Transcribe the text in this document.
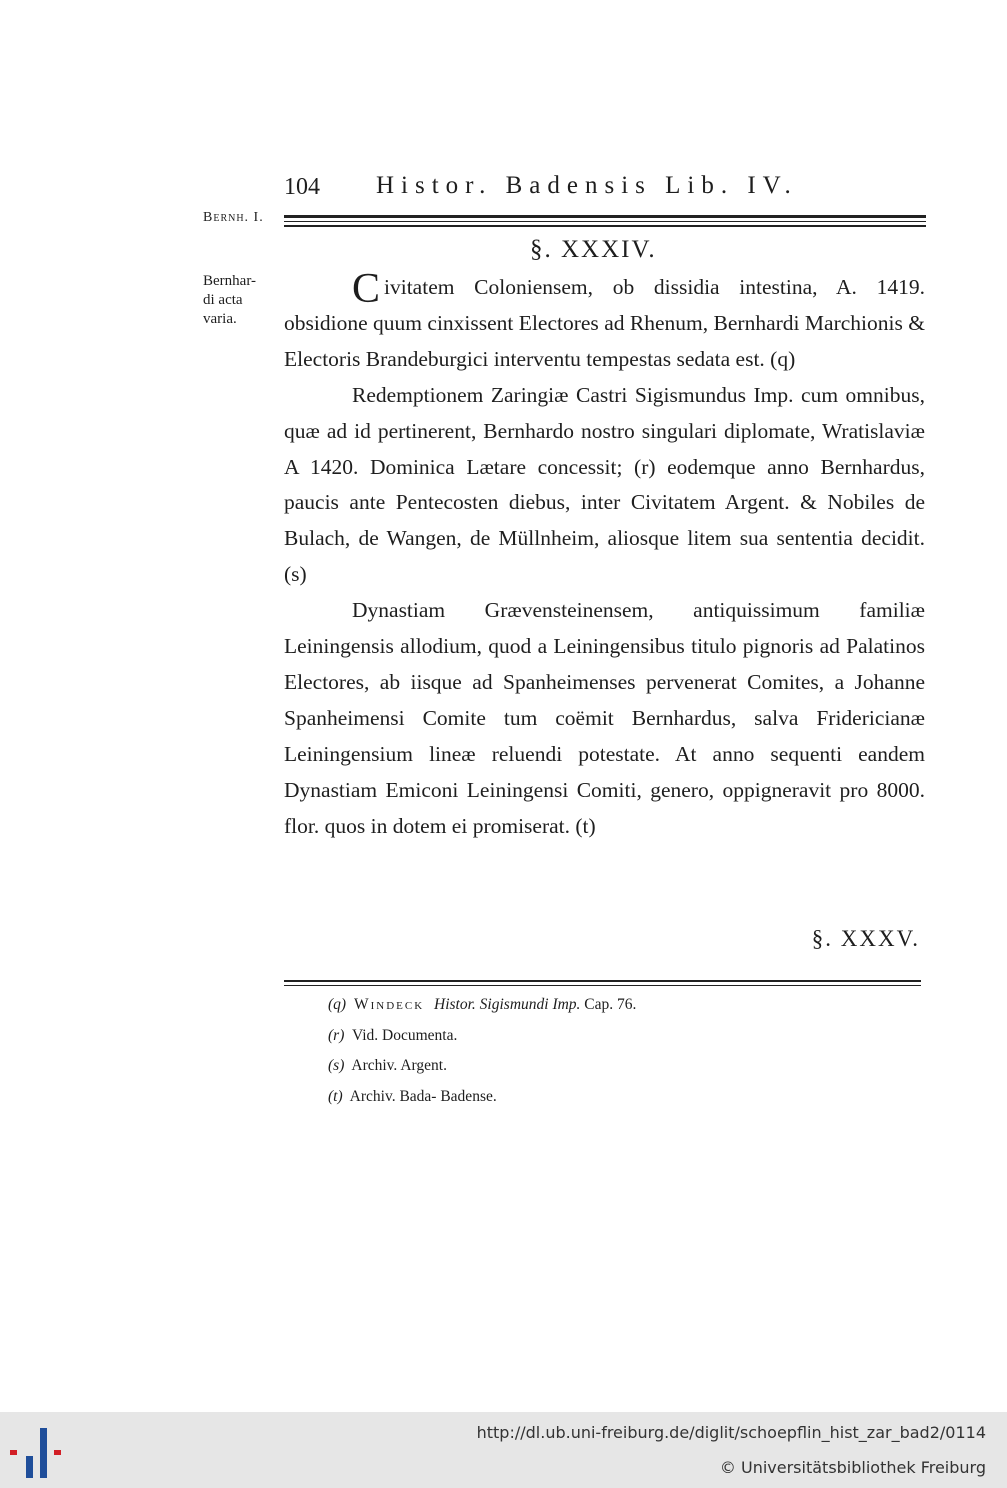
104 Histor. Badensis Lib. IV.
Bernh. I.
§. XXXIV.
Bernhar-
di acta
varia.

Civitatem Coloniensem, ob dissidia intestina, A. 1419. obsidione quum cinxissent Electores ad Rhenum, Bernhardi Marchionis & Electoris Brandeburgici interventu tempestas sedata est. (q)

Redemptionem Zaringiæ Castri Sigismundus Imp. cum omnibus, quæ ad id pertinerent, Bernhardo nostro singulari diplomate, Wratislaviæ A 1420. Dominica Lætare concessit; (r) eodemque anno Bernhardus, paucis ante Pentecosten diebus, inter Civitatem Argent. & Nobiles de Bulach, de Wangen, de Müllnheim, aliosque litem sua sententia decidit. (s)

Dynastiam Grævensteinensem, antiquissimum familiæ Leiningensis allodium, quod a Leiningensibus titulo pignoris ad Palatinos Electores, ab iisque ad Spanheimenses pervenerat Comites, a Johanne Spanheimensi Comite tum coëmit Bernhardus, salva Fridericianæ Leiningensium lineæ reluendi potestate. At anno sequenti eandem Dynastiam Emiconi Leiningensi Comiti, genero, oppigneravit pro 8000. flor. quos in dotem ei promiserat. (t)

§. XXXV.
(q) Windeck Histor. Sigismundi Imp. Cap. 76.
(r) Vid. Documenta.
(s) Archiv. Argent.
(t) Archiv. Bada- Badense.
http://dl.ub.uni-freiburg.de/diglit/schoepflin_hist_zar_bad2/0114
© Universitätsbibliothek Freiburg
